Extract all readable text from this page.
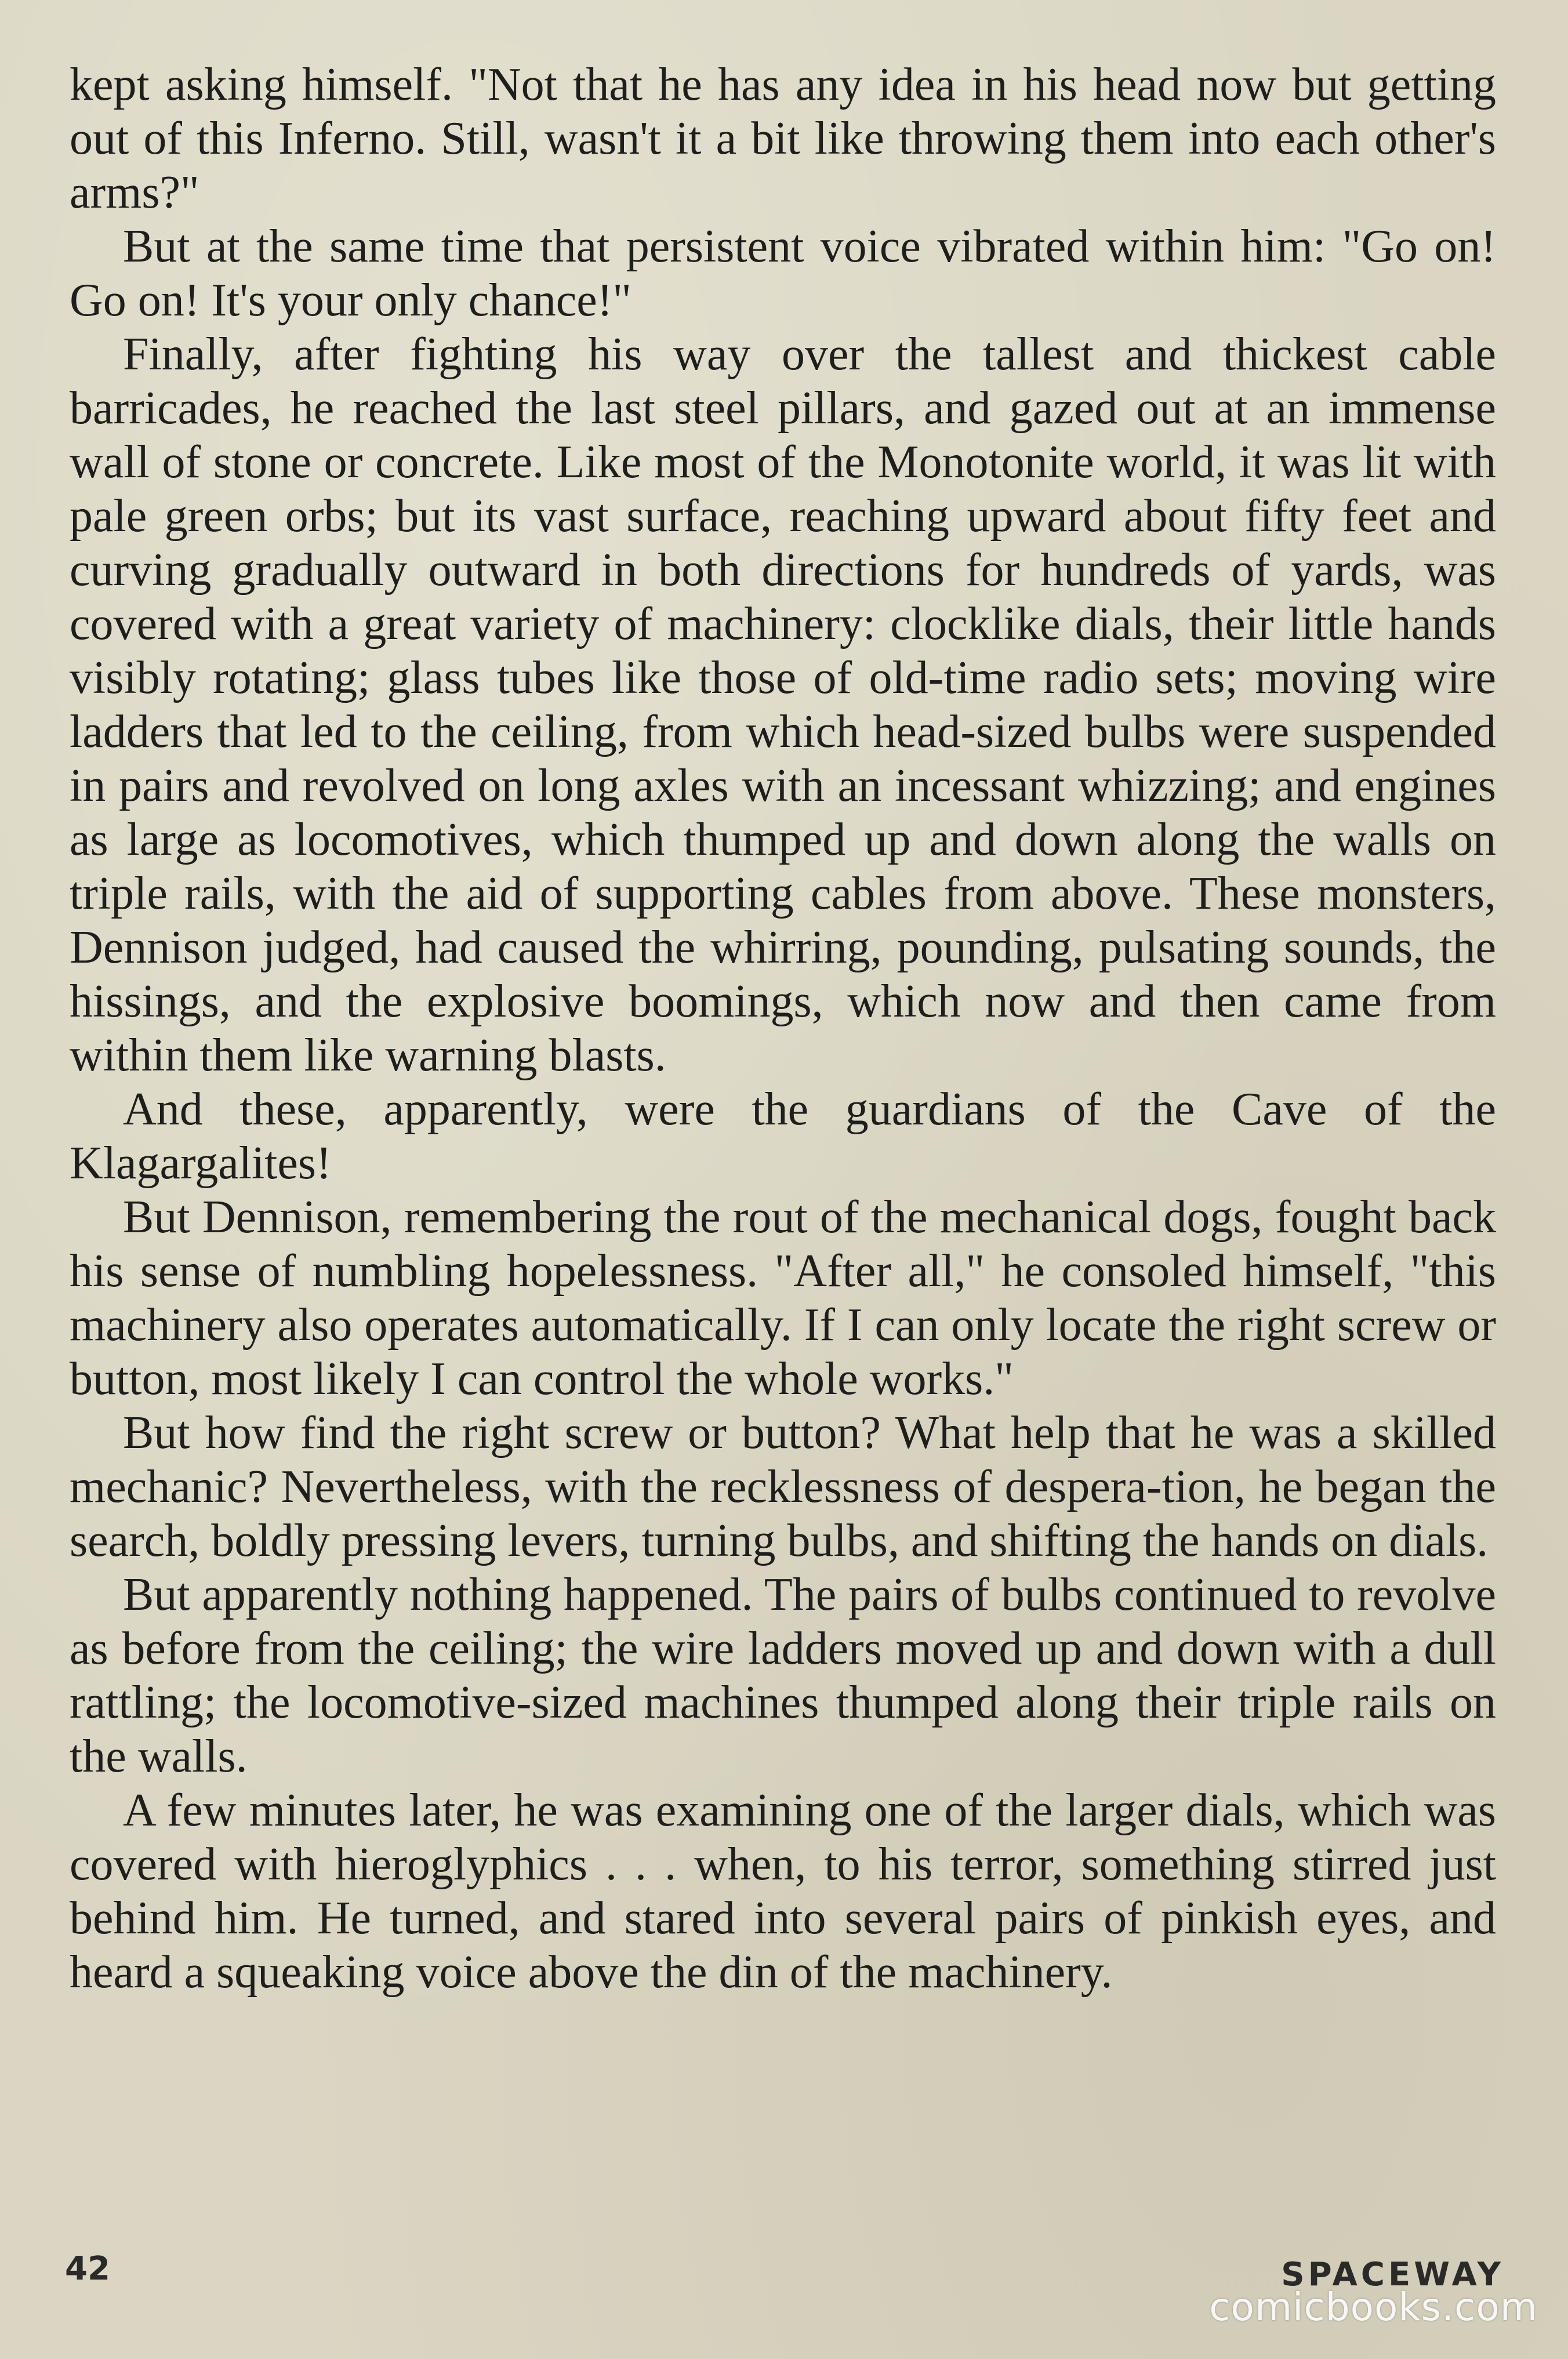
kept asking himself. "Not that he has any idea in his head now but getting out of this Inferno. Still, wasn't it a bit like throwing them into each other's arms?"

But at the same time that persistent voice vibrated within him: "Go on! Go on! It's your only chance!"

Finally, after fighting his way over the tallest and thickest cable barricades, he reached the last steel pillars, and gazed out at an immense wall of stone or concrete. Like most of the Monotonite world, it was lit with pale green orbs; but its vast surface, reaching upward about fifty feet and curving gradually outward in both directions for hundreds of yards, was covered with a great variety of machinery: clocklike dials, their little hands visibly rotating; glass tubes like those of old-time radio sets; moving wire ladders that led to the ceiling, from which head-sized bulbs were suspended in pairs and revolved on long axles with an incessant whizzing; and engines as large as locomotives, which thumped up and down along the walls on triple rails, with the aid of supporting cables from above. These monsters, Dennison judged, had caused the whirring, pounding, pulsating sounds, the hissings, and the explosive boomings, which now and then came from within them like warning blasts.

And these, apparently, were the guardians of the Cave of the Klagargalites!

But Dennison, remembering the rout of the mechanical dogs, fought back his sense of numbling hopelessness. "After all," he consoled himself, "this machinery also operates automatically. If I can only locate the right screw or button, most likely I can control the whole works."

But how find the right screw or button? What help that he was a skilled mechanic? Nevertheless, with the recklessness of despera-tion, he began the search, boldly pressing levers, turning bulbs, and shifting the hands on dials.

But apparently nothing happened. The pairs of bulbs continued to revolve as before from the ceiling; the wire ladders moved up and down with a dull rattling; the locomotive-sized machines thumped along their triple rails on the walls.

A few minutes later, he was examining one of the larger dials, which was covered with hieroglyphics . . . when, to his terror, something stirred just behind him. He turned, and stared into several pairs of pinkish eyes, and heard a squeaking voice above the din of the machinery.

42	SPACEWAY
comicbooks.com
